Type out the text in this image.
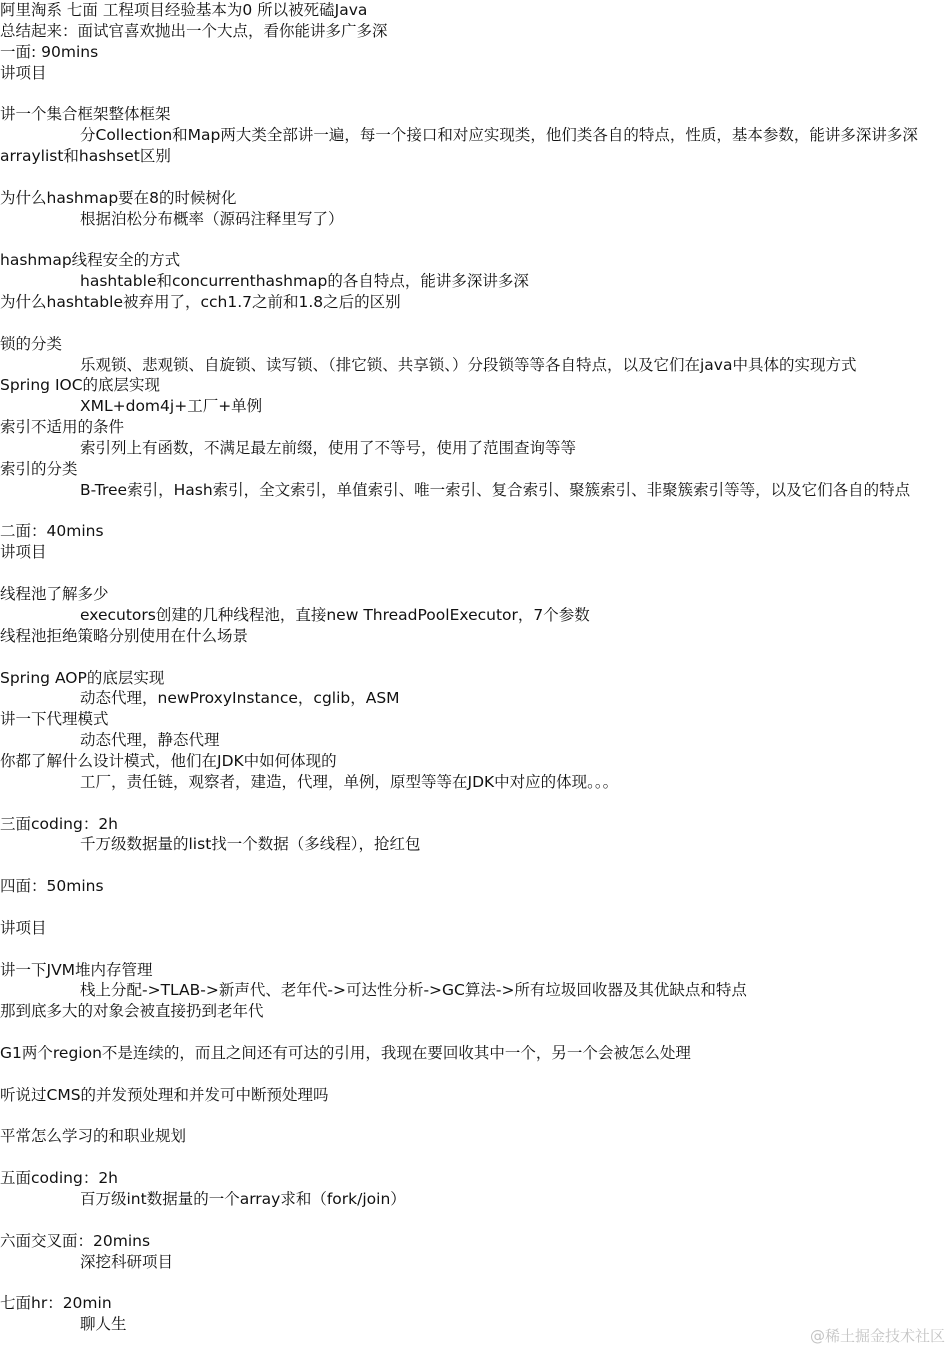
阿里淘系 七面 工程项目经验基本为0 所以被死磕Java
总结起来：面试官喜欢抛出一个大点，看你能讲多广多深
一面: 90mins
讲项目
讲一个集合框架整体框架
分Collection和Map两大类全部讲一遍，每一个接口和对应实现类，他们类各自的特点，性质，基本参数，能讲多深讲多深
arraylist和hashset区别
为什么hashmap要在8的时候树化
根据泊松分布概率（源码注释里写了）
hashmap线程安全的方式
hashtable和concurrenthashmap的各自特点，能讲多深讲多深
为什么hashtable被弃用了，cch1.7之前和1.8之后的区别
锁的分类
乐观锁、悲观锁、自旋锁、读写锁、（排它锁、共享锁、）分段锁等等各自特点，以及它们在java中具体的实现方式
Spring IOC的底层实现
XML+dom4j+工厂+单例
索引不适用的条件
索引列上有函数，不满足最左前缀，使用了不等号，使用了范围查询等等
索引的分类
B-Tree索引，Hash索引，全文索引，单值索引、唯一索引、复合索引、聚簇索引、非聚簇索引等等，以及它们各自的特点
二面：40mins
讲项目
线程池了解多少
executors创建的几种线程池，直接new ThreadPoolExecutor，7个参数
线程池拒绝策略分别使用在什么场景
Spring AOP的底层实现
动态代理，newProxyInstance，cglib，ASM
讲一下代理模式
动态代理，静态代理
你都了解什么设计模式，他们在JDK中如何体现的
工厂，责任链，观察者，建造，代理，单例，原型等等在JDK中对应的体现。。。
三面coding：2h
千万级数据量的list找一个数据（多线程），抢红包
四面：50mins
讲项目
讲一下JVM堆内存管理
栈上分配->TLAB->新声代、老年代->可达性分析->GC算法->所有垃圾回收器及其优缺点和特点
那到底多大的对象会被直接扔到老年代
G1两个region不是连续的，而且之间还有可达的引用，我现在要回收其中一个，另一个会被怎么处理
听说过CMS的并发预处理和并发可中断预处理吗
平常怎么学习的和职业规划
五面coding：2h
百万级int数据量的一个array求和（fork/join）
六面交叉面：20mins
深挖科研项目
七面hr：20min
聊人生
@稀土掘金技术社区
